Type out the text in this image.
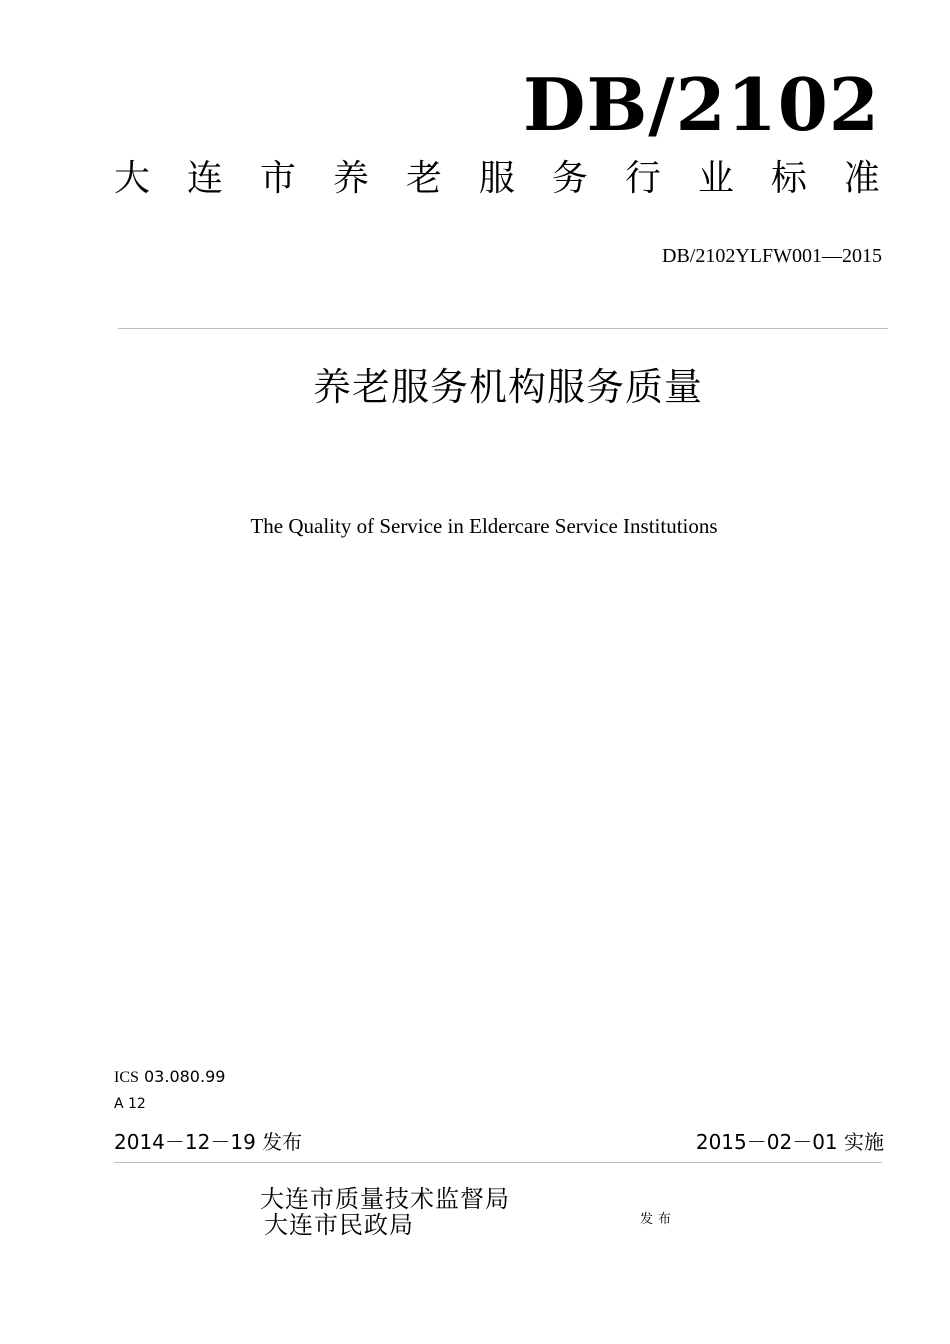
DB/2102
大 连 市 养 老 服 务 行 业 标 准
DB/2102YLFW001—2015
养老服务机构服务质量
The Quality of Service in Eldercare Service Institutions
ICS 03.080.99
A 12
2014－12－19 发布	2015－02－01 实施
大连市质量技术监督局
大连市民政局	发布
